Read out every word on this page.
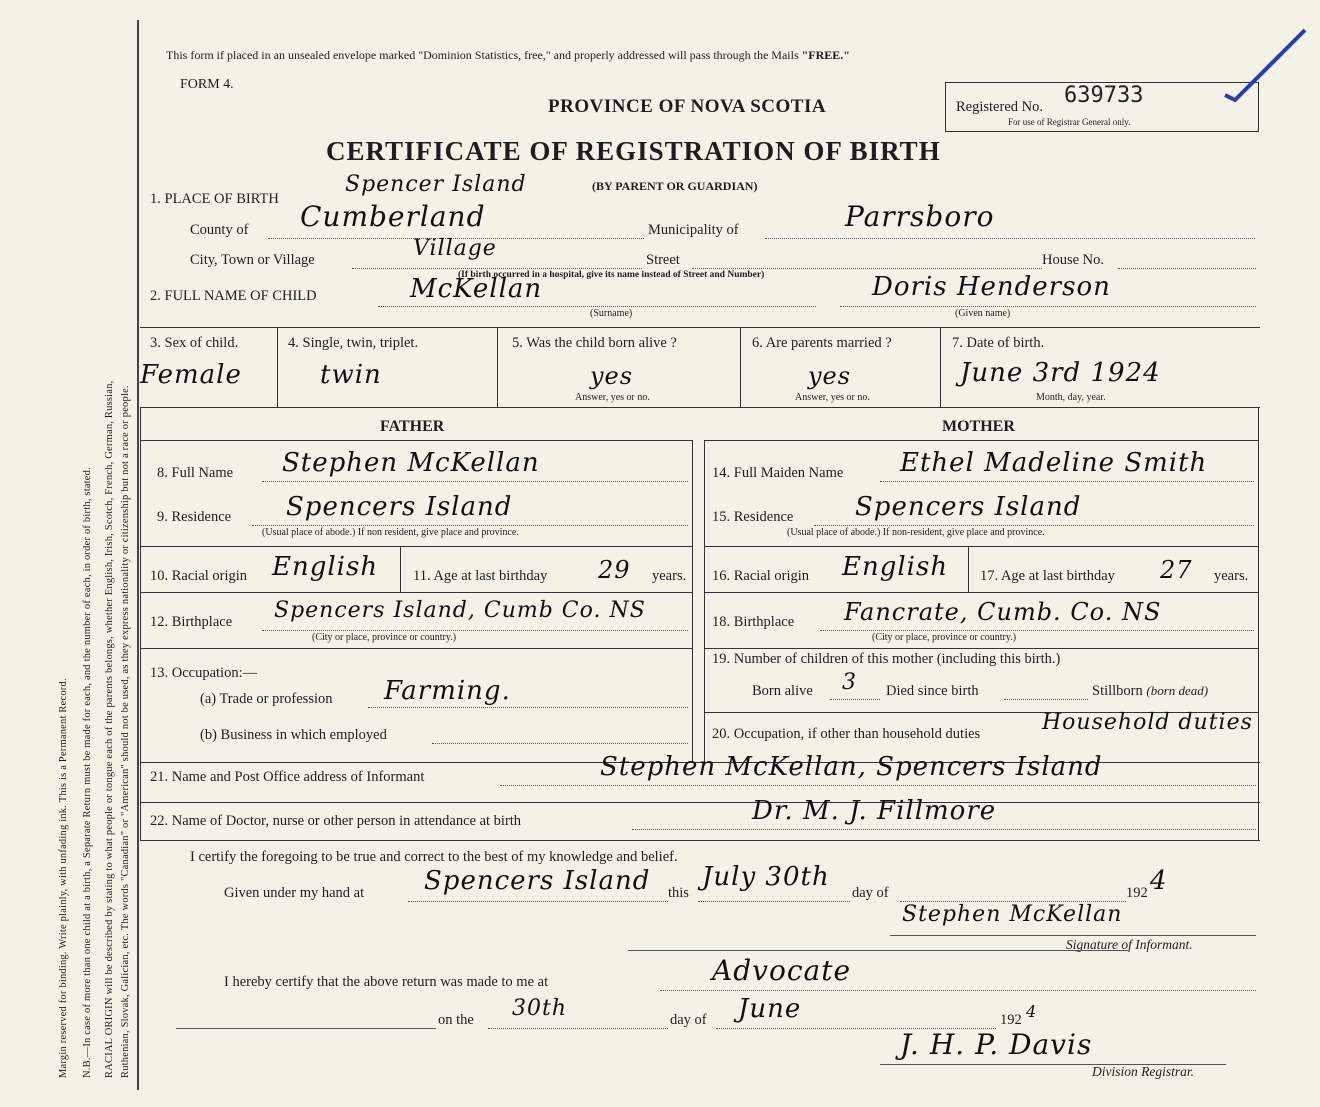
Margin reserved for binding. Write plainly, with unfading ink. This is a Permanent Record. N.B.—In case of more than one child at a birth, a Separate Return must be made for each, and the number of each, in order of birth, stated. RACIAL ORIGIN will be described by stating to what people or tongue each of the parents belongs, whether English, Irish, Scotch, French, German, Russian, Ruthenian, Slovak, Galician, etc. The words "Canadian" or "American" should not be used, as they express nationality or citizenship but not a race or people.
This form if placed in an unsealed envelope marked "Dominion Statistics, free," and properly addressed will pass through the Mails "FREE."
FORM 4.
PROVINCE OF NOVA SCOTIA
CERTIFICATE OF REGISTRATION OF BIRTH
Registered No. 639733
For use of Registrar General only.
1. PLACE OF BIRTH
Spencer Island	(BY PARENT OR GUARDIAN)
County of Cumberland	Municipality of	Parrsboro
City, Town or Village	Village	Street	House No.
(If birth occurred in a hospital, give its name instead of Street and Number)
2. FULL NAME OF CHILD	McKellan
(Surname)
Doris Henderson
(Given name)
3. Sex of child.
Female
4. Single, twin, triplet.
twin
5. Was the child born alive ?
yes
Answer, yes or no.
6. Are parents married ?
yes
Answer, yes or no.
7. Date of birth.
June 3rd 1924
Month, day, year.
FATHER	MOTHER
8. Full Name Stephen McKellan
9. Residence Spencers Island
(Usual place of abode.) If non resident, give place and province.
10. Racial origin English 11. Age at last birthday 29 years.
12. Birthplace Spencers Island, Cumb Co. NS
(City or place, province or country.)
13. Occupation:—
(a) Trade or profession Farming.
(b) Business in which employed
14. Full Maiden Name Ethel Madeline Smith
15. Residence Spencers Island
(Usual place of abode.) If non-resident, give place and province.
16. Racial origin English 17. Age at last birthday 27 years.
18. Birthplace Fancrate, Cumb. Co. NS
(City or place, province or country.)
19. Number of children of this mother (including this birth.)
Born alive 3 Died since birth	Stillborn (born dead)
20. Occupation, if other than household duties	Household duties
21. Name and Post Office address of Informant	Stephen McKellan, Spencers Island
22. Name of Doctor, nurse or other person in attendance at birth	Dr. M. J. Fillmore
I certify the foregoing to be true and correct to the best of my knowledge and belief.
Given under my hand at Spencers Island this
July 30th
day of	192 4
Stephen McKellan
Signature of Informant.
I hereby certify that the above return was made to me at	Advocate
on the 30th	day of June	192 4
J. H. P. Davis
Division Registrar.
